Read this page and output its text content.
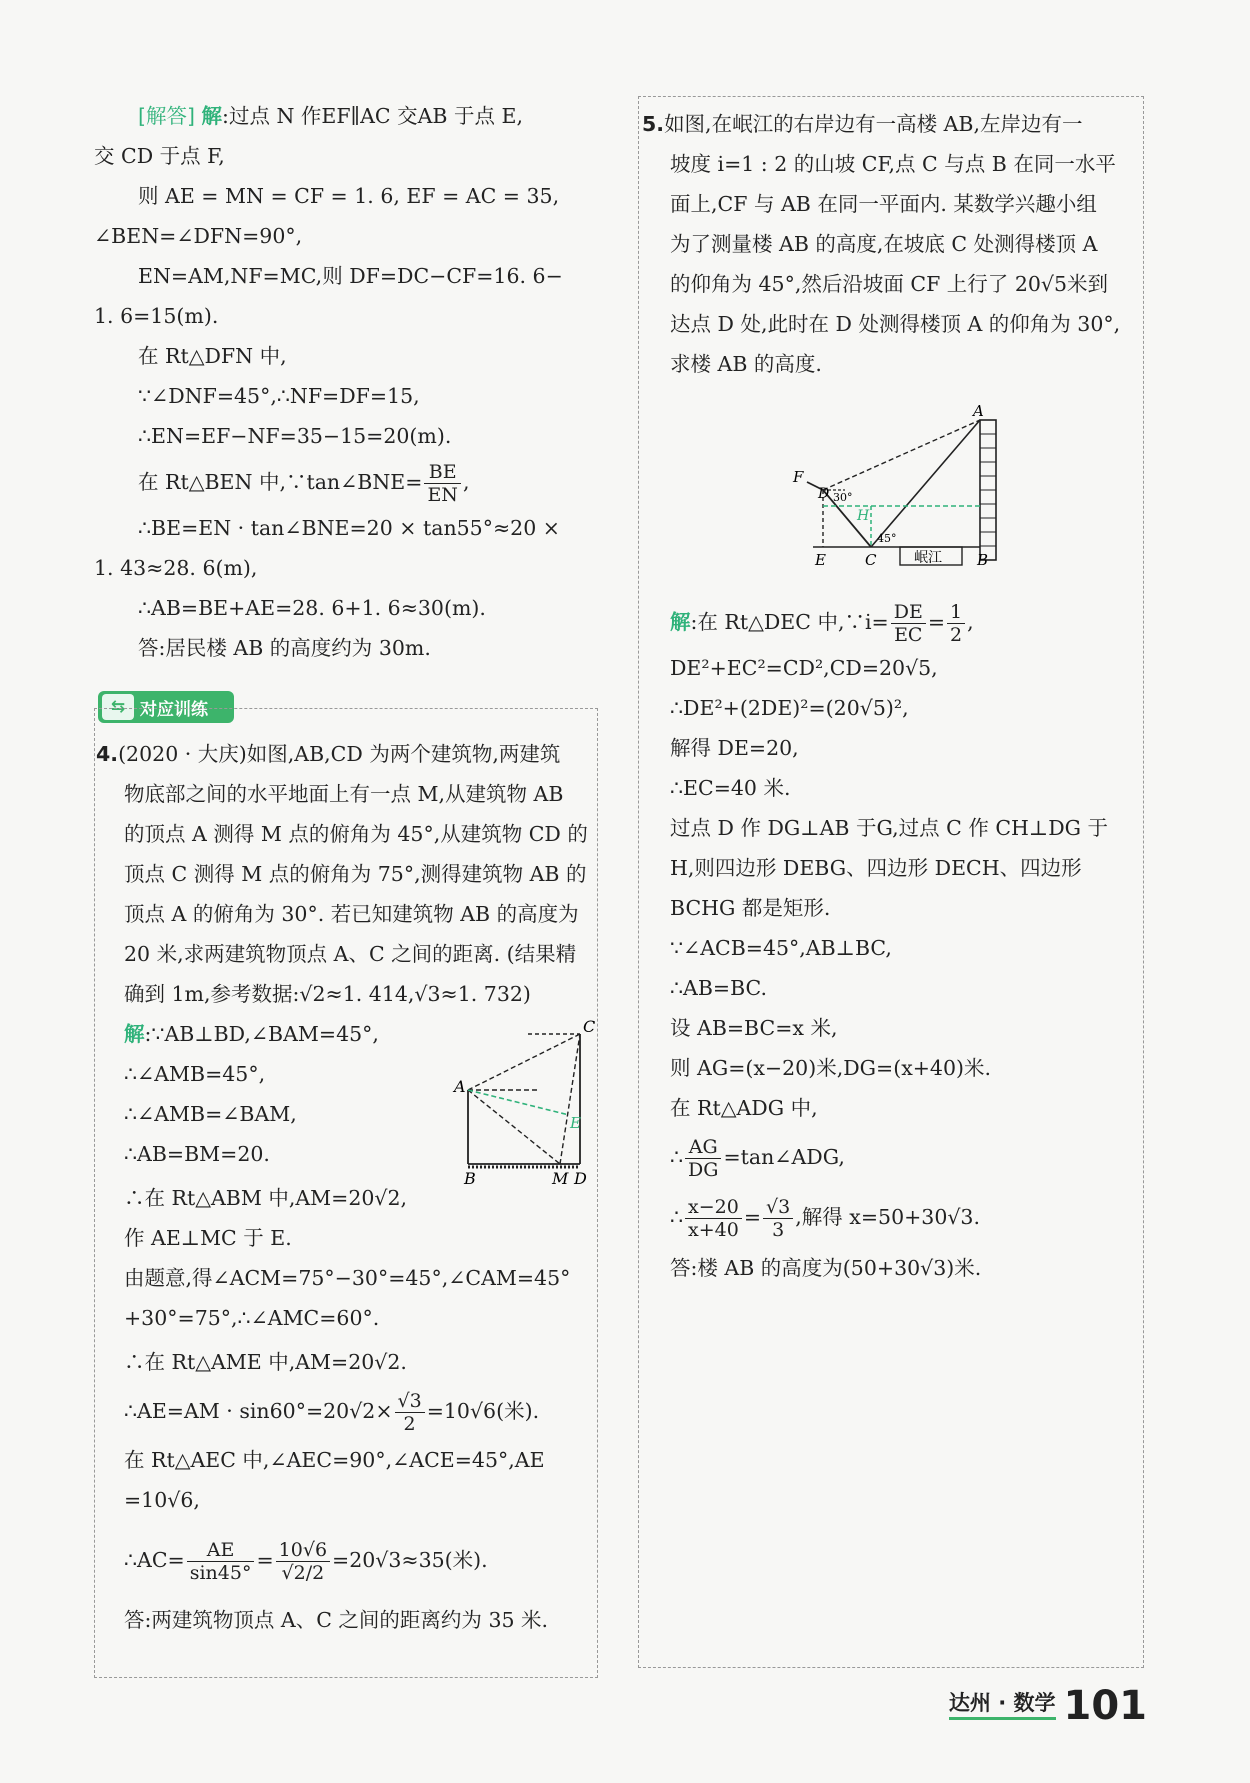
[解答] 解:过点 N 作EF∥AC 交AB 于点 E,
交 CD 于点 F,
则 AE = MN = CF = 1. 6, EF = AC = 35,
∠BEN=∠DFN=90°,
EN=AM,NF=MC,则 DF=DC−CF=16. 6−
1. 6=15(m).
在 Rt△DFN 中,
∵∠DNF=45°,∴NF=DF=15,
∴EN=EF−NF=35−15=20(m).
在 Rt△BEN 中,∵tan∠BNE= $\frac{BE}{EN}$ ,
∴BE=EN · tan∠BNE=20 × tan55°≈20 ×
1. 43≈28. 6(m),
∴AB=BE+AE=28. 6+1. 6≈30(m).
答:居民楼 AB 的高度约为 30m.
⇆ 对应训练
4.(2020 · 大庆)如图,AB,CD 为两个建筑物,两建筑
物底部之间的水平地面上有一点 M,从建筑物 AB
的顶点 A 测得 M 点的俯角为 45°,从建筑物 CD 的
顶点 C 测得 M 点的俯角为 75°,测得建筑物 AB 的
顶点 A 的俯角为 30°. 若已知建筑物 AB 的高度为
20 米,求两建筑物顶点 A、C 之间的距离. (结果精
确到 1m,参考数据:√2≈1. 414,√3≈1. 732)
解:∵AB⊥BD,∠BAM=45°,
∴∠AMB=45°,
∴∠AMB=∠BAM,
∴AB=BM=20.
∴在 Rt△ABM 中,AM=20√2,
作 AE⊥MC 于 E.
由题意,得∠ACM=75°−30°=45°,∠CAM=45°
+30°=75°,∴∠AMC=60°.
∴在 Rt△AME 中,AM=20√2.
∴AE=AM · $\sin 60^\circ=20√2\times \frac{√3}{2} =10√6$(米).
在 Rt△AEC 中,∠AEC=90°,∠ACE=45°,AE
=10√6,
∴AC= $\frac{AE}{\sin 45^\circ} = \frac{10√6}{√2/2} =20√3\approx 35$(米).
答:两建筑物顶点 A、C 之间的距离约为 35 米.
C
A
E
B	M D
5.如图,在岷江的右岸边有一高楼 AB,左岸边有一
坡度 i=1 : 2 的山坡 CF,点 C 与点 B 在同一水平
面上,CF 与 AB 在同一平面内. 某数学兴趣小组
为了测量楼 AB 的高度,在坡底 C 处测得楼顶 A
的仰角为 45°,然后沿坡面 CF 上行了 20√5米到
达点 D 处,此时在 D 处测得楼顶 A 的仰角为 30°,
求楼 AB 的高度.
A
F
D 30°
H
45°
E	C	岷江 B
解:在 Rt△DEC 中,∵i= $\frac{DE}{EC} = \frac{1}{2}$ ,
DE²+EC²=CD²,CD=20√5,
∴DE²+(2DE)²=(20√5)²,
解得 DE=20,
∴EC=40 米.
过点 D 作 DG⊥AB 于G,过点 C 作 CH⊥DG 于
H,则四边形 DEBG、四边形 DECH、四边形
BCHG 都是矩形.
∵∠ACB=45°,AB⊥BC,
∴AB=BC.
设 AB=BC=x 米,
则 AG=(x−20)米,DG=(x+40)米.
在 Rt△ADG 中,
∴ $\frac{AG}{DG}$ =tan∠ADG,
∴ $\frac{x-20}{x+40} = \frac{√3}{3}$ ,解得 x=50+30√3.
答:楼 AB 的高度为(50+30√3)米.
达州 · 数学 101
